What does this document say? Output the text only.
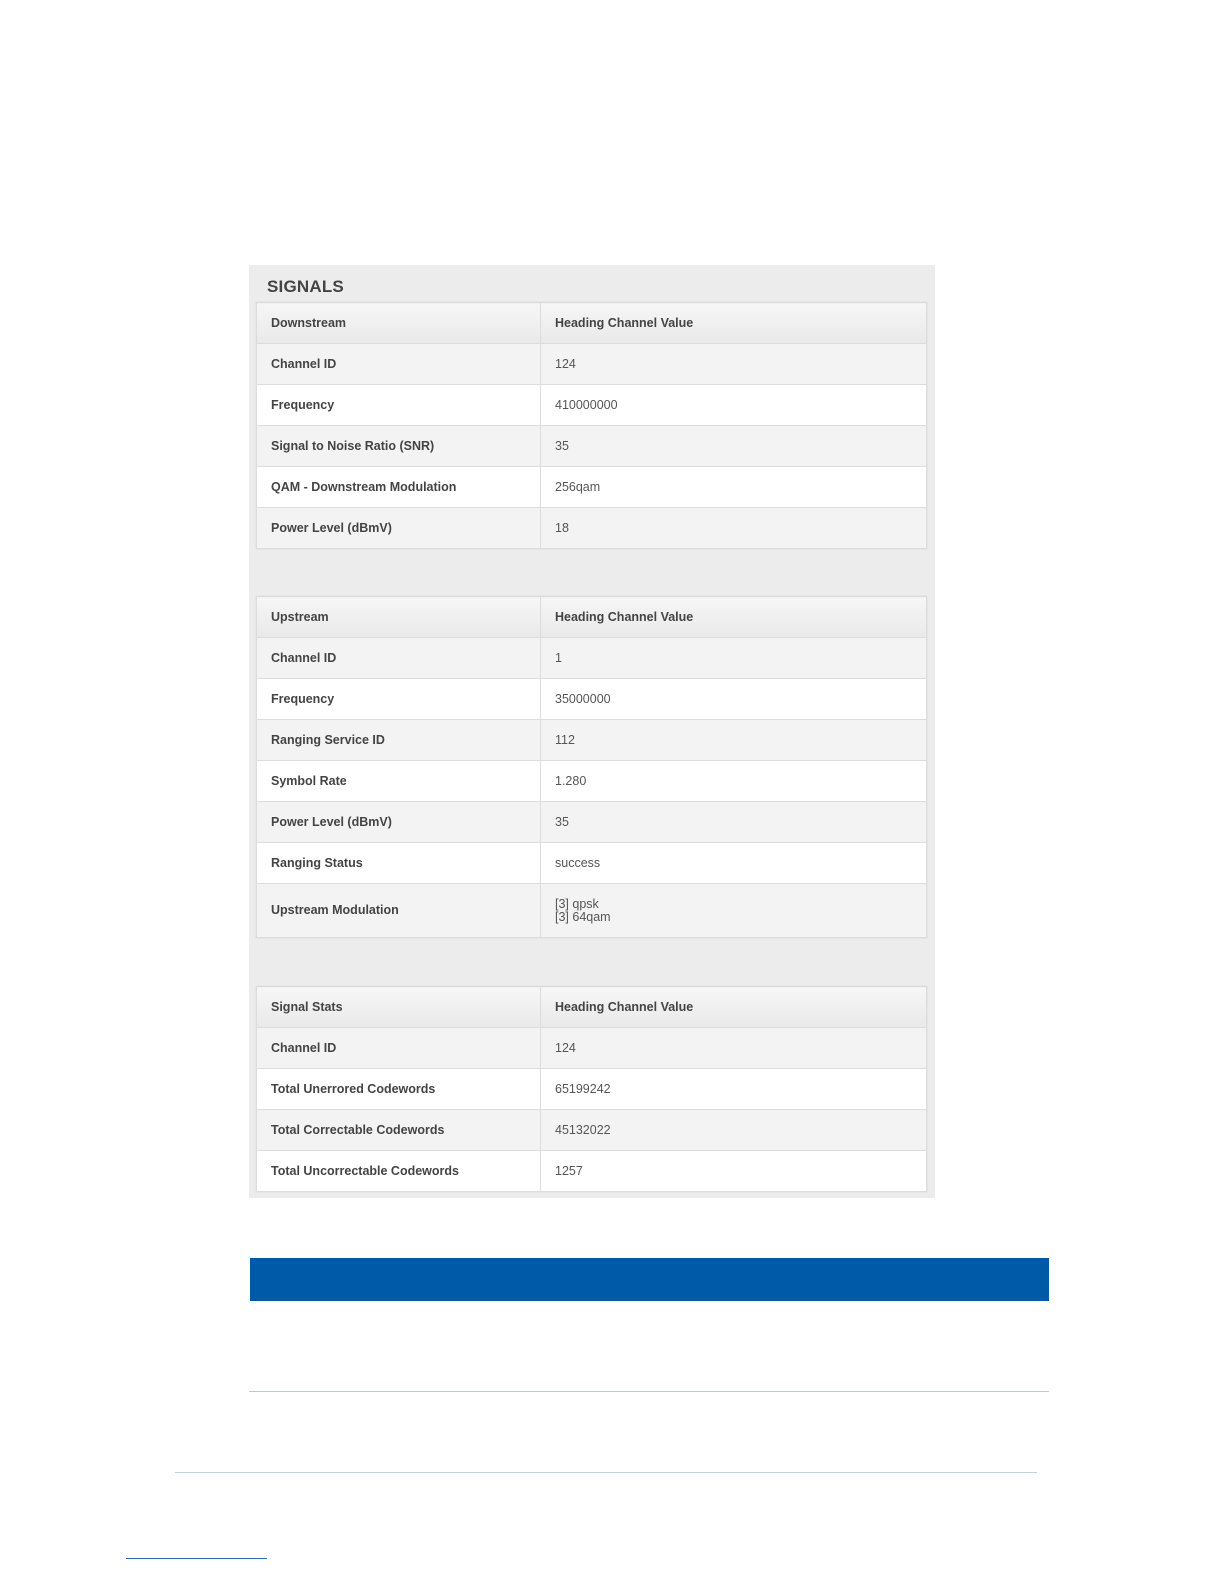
SIGNALS
Downstream	Heading Channel Value
Channel ID	124
Frequency	410000000
Signal to Noise Ratio (SNR)	35
QAM - Downstream Modulation	256qam
Power Level (dBmV)	18
Upstream	Heading Channel Value
Channel ID	1
Frequency	35000000
Ranging Service ID	112
Symbol Rate	1.280
Power Level (dBmV)	35
Ranging Status	success
Upstream Modulation	[3] qpsk
[3] 64qam
Signal Stats	Heading Channel Value
Channel ID	124
Total Unerrored Codewords	65199242
Total Correctable Codewords	45132022
Total Uncorrectable Codewords	1257
